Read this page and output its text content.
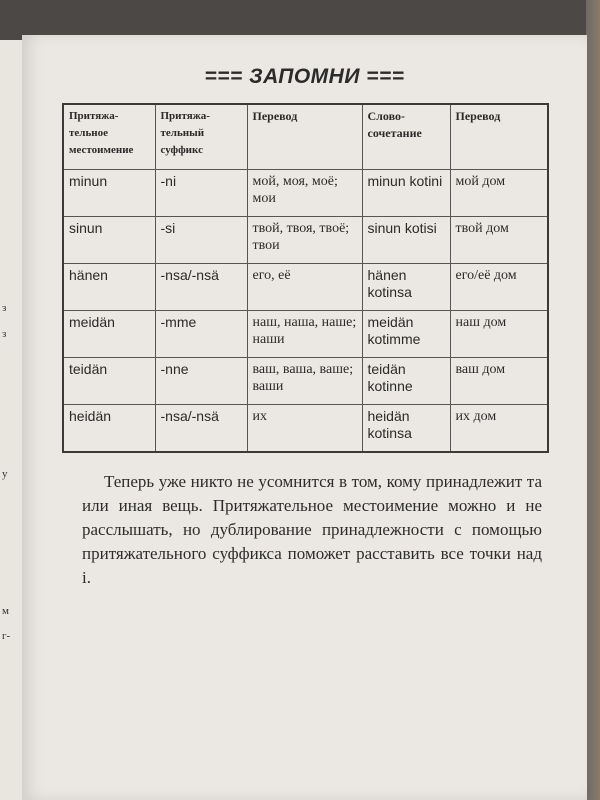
з
з
у
м
г-
=== ЗАПОМНИ ===
Притяжа-тельное местоимение	Притяжа-тельный суффикс	Перевод	Слово-сочетание	Перевод
minun	-ni	мой, моя, моё; мои	minun kotini	мой дом
sinun	-si	твой, твоя, твоё; твои	sinun kotisi	твой дом
hänen	-nsa/-nsä	его, её	hänen kotinsa	его/её дом
meidän	-mme	наш, наша, наше; наши	meidän kotimme	наш дом
teidän	-nne	ваш, ваша, ваше; ваши	teidän kotinne	ваш дом
heidän	-nsa/-nsä	их	heidän kotinsa	их дом

Теперь уже никто не усомнится в том, кому принадлежит та или иная вещь. Притяжательное местоимение можно и не расслышать, но дублирование принадлежности с помощью притяжательного суффикса поможет расставить все точки над i.
